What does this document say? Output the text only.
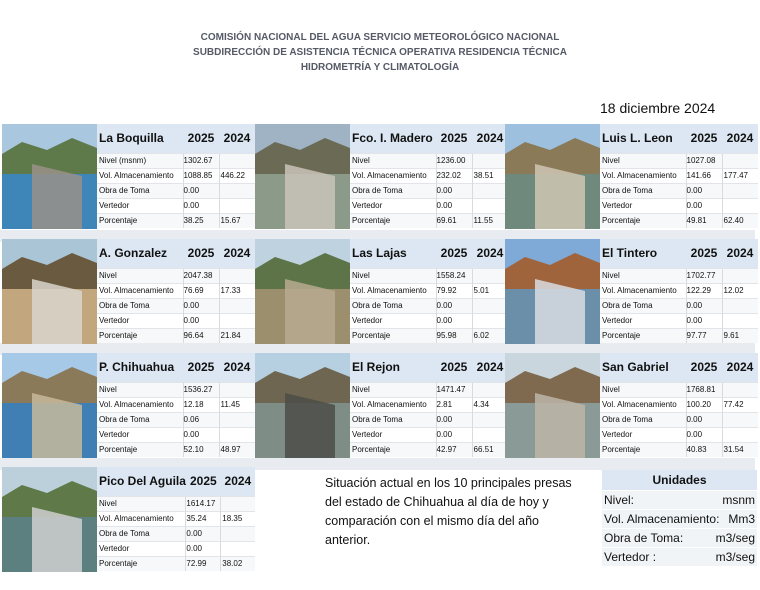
COMISIÓN NACIONAL DEL AGUA SERVICIO METEOROLÓGICO NACIONAL
SUBDIRECCIÓN DE ASISTENCIA TÉCNICA OPERATIVA RESIDENCIA TÉCNICA
HIDROMETRÍA Y CLIMATOLOGÍA
18 diciembre 2024
La Boquilla	2025	2024
Nivel (msnm)	1302.67	
Vol. Almacenamiento	1088.85	446.22
Obra de Toma	0.00	
Vertedor	0.00	
Porcentaje	38.25	15.67
Fco. I. Madero	2025	2024
Nivel	1236.00	
Vol. Almacenamiento	232.02	38.51
Obra de Toma	0.00	
Vertedor	0.00	
Porcentaje	69.61	11.55
Luis L. Leon	2025	2024
Nivel	1027.08	
Vol. Almacenamiento	141.66	177.47
Obra de Toma	0.00	
Vertedor	0.00	
Porcentaje	49.81	62.40
A. Gonzalez	2025	2024
Nivel	2047.38	
Vol. Almacenamiento	76.69	17.33
Obra de Toma	0.00	
Vertedor	0.00	
Porcentaje	96.64	21.84
Las Lajas	2025	2024
Nivel	1558.24	
Vol. Almacenamiento	79.92	5.01
Obra de Toma	0.00	
Vertedor	0.00	
Porcentaje	95.98	6.02
El Tintero	2025	2024
Nivel	1702.77	
Vol. Almacenamiento	122.29	12.02
Obra de Toma	0.00	
Vertedor	0.00	
Porcentaje	97.77	9.61
P. Chihuahua	2025	2024
Nivel	1536.27	
Vol. Almacenamiento	12.18	11.45
Obra de Toma	0.06	
Vertedor	0.00	
Porcentaje	52.10	48.97
El Rejon	2025	2024
Nivel	1471.47	
Vol. Almacenamiento	2.81	4.34
Obra de Toma	0.00	
Vertedor	0.00	
Porcentaje	42.97	66.51
San Gabriel	2025	2024
Nivel	1768.81	
Vol. Almacenamiento	100.20	77.42
Obra de Toma	0.00	
Vertedor	0.00	
Porcentaje	40.83	31.54
Pico Del Aguila	2025	2024
Nivel	1614.17	
Vol. Almacenamiento	35.24	18.35
Obra de Toma	0.00	
Vertedor	0.00	
Porcentaje	72.99	38.02
Situación actual en los 10 principales presas del estado de Chihuahua al día de hoy y comparación con el mismo día del año anterior.
Unidades
Nivel:	msnm
Vol. Almacenamiento: Mm3
Obra de Toma:	m3/seg
Vertedor :	m3/seg
